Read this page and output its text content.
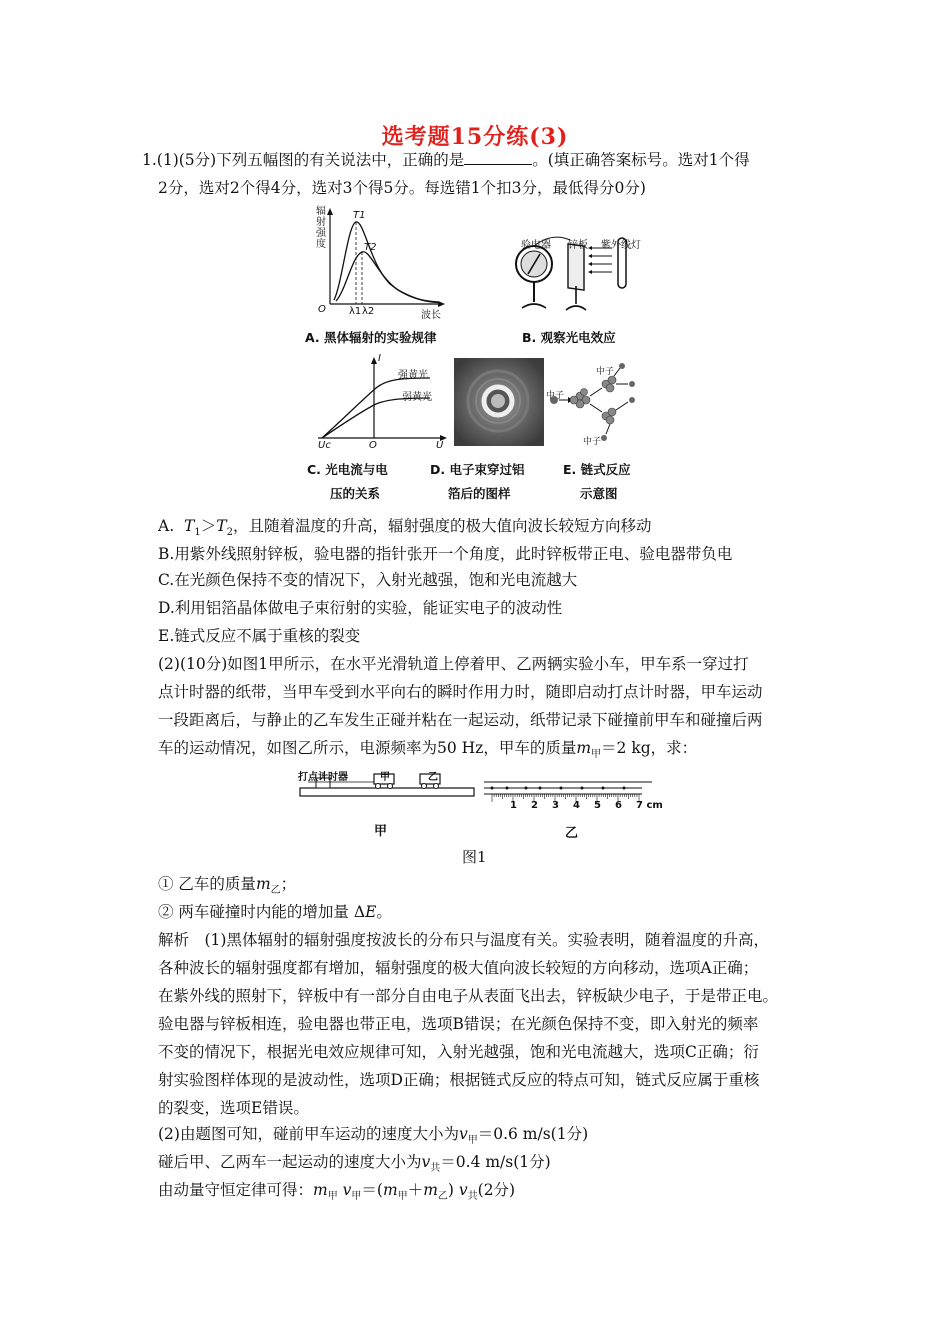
选考题15分练(3)
1.(1)(5分)下列五幅图的有关说法中，正确的是	。(填正确答案标号。选对1个得
2分，选对2个得4分，选对3个得5分。每选错1个扣3分，最低得分0分)
辐射强度
T1
T2
O λ1 λ2	波长
A. 黑体辐射的实验规律
验电器 锌板 紫外线灯
B. 观察光电效应
I
强黄光
弱黄光
Uc	O	U
C. 光电流与电
压的关系
D. 电子束穿过铝
箔后的图样
中子
中子
中子
E. 链式反应
示意图
A.  $T_1>T_2$，且随着温度的升高，辐射强度的极大值向波长较短方向移动
B.用紫外线照射锌板，验电器的指针张开一个角度，此时锌板带正电、验电器带负电
C.在光颜色保持不变的情况下，入射光越强，饱和光电流越大
D.利用铝箔晶体做电子束衍射的实验，能证实电子的波动性
E.链式反应不属于重核的裂变
(2)(10分)如图1甲所示，在水平光滑轨道上停着甲、乙两辆实验小车，甲车系一穿过打
点计时器的纸带，当甲车受到水平向右的瞬时作用力时，随即启动打点计时器，甲车运动
一段距离后，与静止的乙车发生正碰并粘在一起运动，纸带记录下碰撞前甲车和碰撞后两
车的运动情况，如图乙所示，电源频率为50 Hz，甲车的质量$m_甲=2$ kg，求：
打点计时器	甲	乙
1 2 3 4 5 6 7 cm
甲	乙
图1
① 乙车的质量$m_乙$；
② 两车碰撞时内能的增加量 ΔE。
解析　(1)黑体辐射的辐射强度按波长的分布只与温度有关。实验表明，随着温度的升高，
各种波长的辐射强度都有增加，辐射强度的极大值向波长较短的方向移动，选项A正确；
在紫外线的照射下，锌板中有一部分自由电子从表面飞出去，锌板缺少电子，于是带正电。
验电器与锌板相连，验电器也带正电，选项B错误；在光颜色保持不变，即入射光的频率
不变的情况下，根据光电效应规律可知，入射光越强，饱和光电流越大，选项C正确；衍
射实验图样体现的是波动性，选项D正确；根据链式反应的特点可知，链式反应属于重核
的裂变，选项E错误。
(2)由题图可知，碰前甲车运动的速度大小为$v_甲=0.6$ m/s(1分)
碰后甲、乙两车一起运动的速度大小为$v_共=0.4$ m/s(1分)
由动量守恒定律可得：$m_甲$ $v_甲=(m_甲+m_乙)$ $v_共(2$分)
